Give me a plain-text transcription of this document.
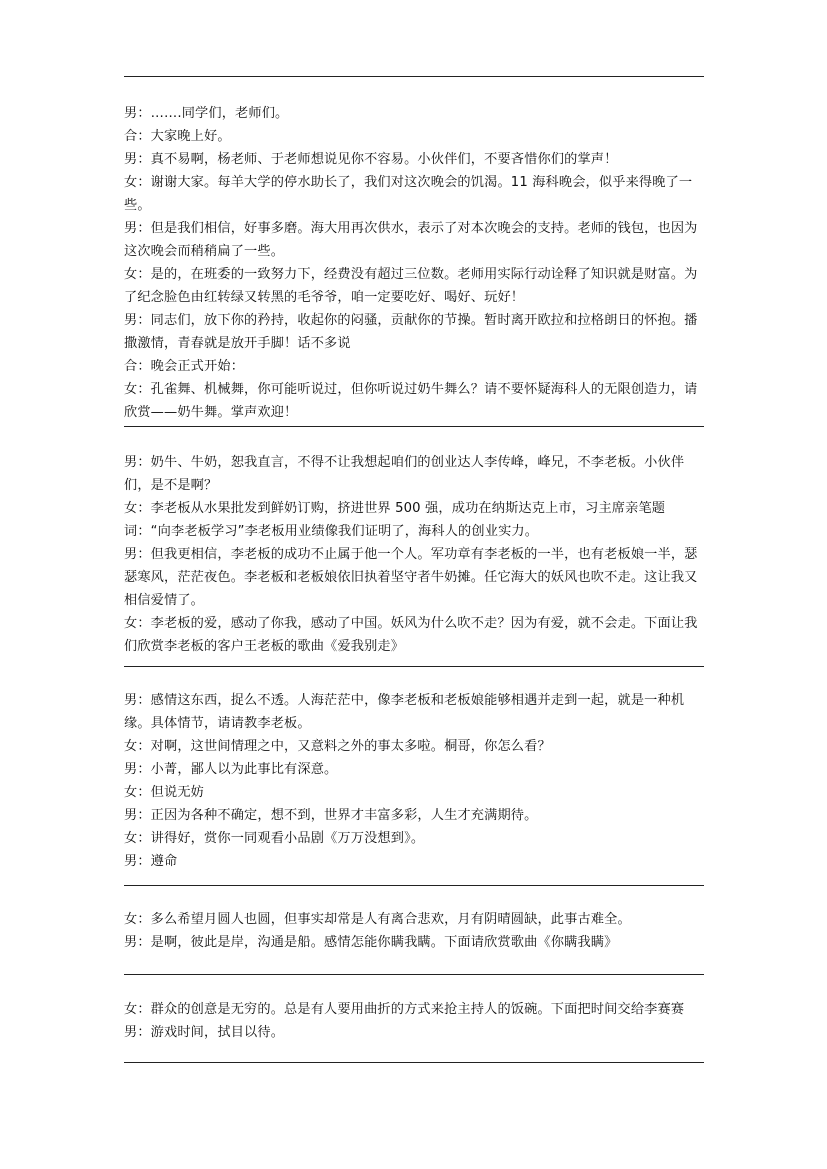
男：…….同学们，老师们。

合：大家晚上好。

男：真不易啊，杨老师、于老师想说见你不容易。小伙伴们，不要吝惜你们的掌声！

女：谢谢大家。每羊大学的停水助长了，我们对这次晚会的饥渴。11 海科晚会，似乎来得晚了一些。

男：但是我们相信，好事多磨。海大用再次供水，表示了对本次晚会的支持。老师的钱包，也因为这次晚会而稍稍扁了一些。

女：是的，在班委的一致努力下，经费没有超过三位数。老师用实际行动诠释了知识就是财富。为了纪念脸色由红转绿又转黑的毛爷爷，咱一定要吃好、喝好、玩好！

男：同志们，放下你的矜持，收起你的闷骚，贡献你的节操。暂时离开欧拉和拉格朗日的怀抱。播撒激情，青春就是放开手脚！话不多说

合：晚会正式开始：

女：孔雀舞、机械舞，你可能听说过，但你听说过奶牛舞么？请不要怀疑海科人的无限创造力，请欣赏——奶牛舞。掌声欢迎！

男：奶牛、牛奶，恕我直言，不得不让我想起咱们的创业达人李传峰，峰兄，不李老板。小伙伴们，是不是啊？

女：李老板从水果批发到鲜奶订购，挤进世界 500 强，成功在纳斯达克上市，习主席亲笔题词：“向李老板学习”李老板用业绩像我们证明了，海科人的创业实力。

男：但我更相信，李老板的成功不止属于他一个人。军功章有李老板的一半，也有老板娘一半，瑟瑟寒风，茫茫夜色。李老板和老板娘依旧执着坚守者牛奶摊。任它海大的妖风也吹不走。这让我又相信爱情了。

女：李老板的爱，感动了你我，感动了中国。妖风为什么吹不走？因为有爱，就不会走。下面让我们欣赏李老板的客户王老板的歌曲《爱我别走》

男：感情这东西，捉么不透。人海茫茫中，像李老板和老板娘能够相遇并走到一起，就是一种机缘。具体情节，请请教李老板。

女：对啊，这世间情理之中，又意料之外的事太多啦。桐哥，你怎么看？

男：小菁，鄙人以为此事比有深意。

女：但说无妨

男：正因为各种不确定，想不到，世界才丰富多彩，人生才充满期待。

女：讲得好，赏你一同观看小品剧《万万没想到》。

男：遵命

女：多么希望月圆人也圆，但事实却常是人有离合悲欢，月有阴晴圆缺，此事古难全。

男：是啊，彼此是岸，沟通是船。感情怎能你瞒我瞒。下面请欣赏歌曲《你瞒我瞒》

女：群众的创意是无穷的。总是有人要用曲折的方式来抢主持人的饭碗。下面把时间交给李赛赛

男：游戏时间，拭目以待。
